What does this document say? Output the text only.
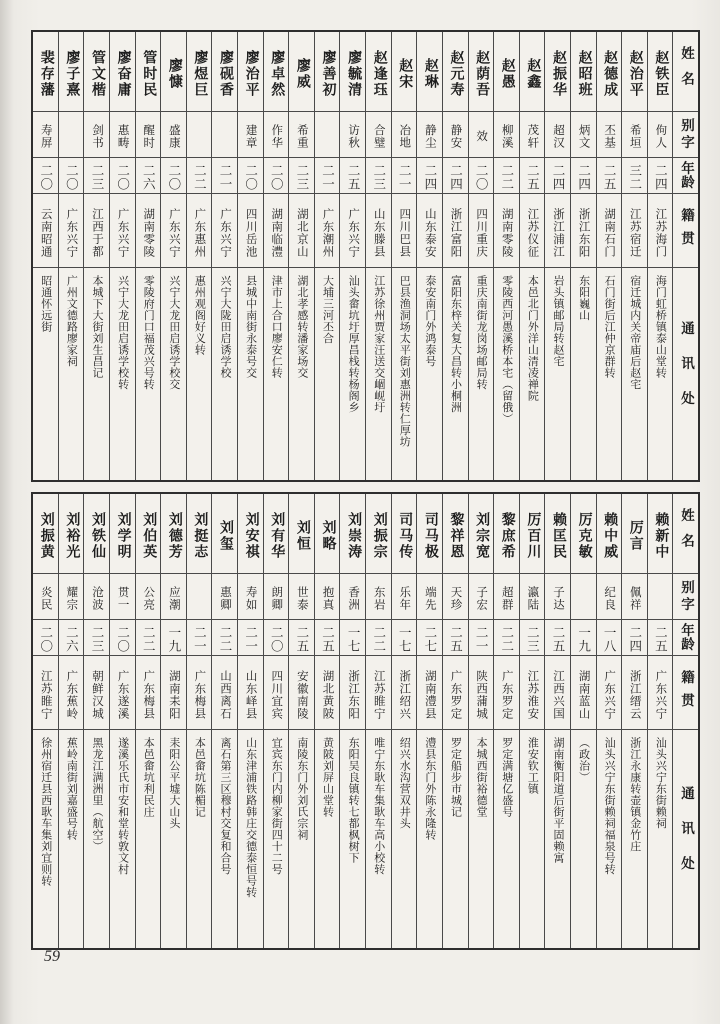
姓名
别字
年龄
籍贯
通讯处
赵铁臣
佝人
二四
江苏海门
海门虹桥镇泰山堂转
赵治平
希垣
三二
江苏宿迁
宿迁城内关帝庙后赵宅
赵德成
丕基
二五
湖南石门
石门街后江仲京群转
赵昭班
炳文
二四
浙江东阳
东阳巍山
赵振华
超汉
二四
浙江浦江
岩头镇邮局转赵宅
赵鑫
茂轩
二五
江苏仪征
本邑北门外洋山清凌禅院
赵愚
柳溪
二二
湖南零陵
零陵西河愚溪桥本宅（留俄）
赵荫吾
效
二〇
四川重庆
重庆南街龙岗场邮局转
赵元寿
静安
二四
浙江富阳
富阳东梓关复大昌转小桐洲
赵琳
静尘
二四
山东泰安
泰安南门外鸿泰号
赵宋
冶地
二一
四川巴县
巴县渔洞场太平街刘惠洲转仁厚坊
赵逢珏
合璧
二三
山东滕县
江苏徐州贾家汪送交崓岘圩
廖毓清
访秋
二五
广东兴宁
汕头畲坑圩厚昌栈转杨阁乡
廖善初
二一
广东潮州
大埔三河丕合
廖威
希重
二三
湖北京山
湖北孝感转潘家场交
廖卓然
作华
二〇
湖南临澧
津市上合口廖安仁转
廖治平
建章
二〇
四川岳池
县城中南街永泰号交
廖砚香
二一
广东兴宁
兴宁大陇田启诱学校
廖煜巨
二二
广东惠州
惠州观阁好义转
廖慷
盛康
二〇
广东兴宁
兴宁大龙田启诱学校交
管时民
醒时
二六
湖南零陵
零陵府门口福茂兴号转
廖奋庸
惠畴
二〇
广东兴宁
兴宁大龙田启诱学校转
管文楷
剑书
二三
江西于都
本城下大街刘生昌记
廖子熹
二〇
广东兴宁
广州文德路廖家祠
裴存藩
寿屏
二〇
云南昭通
昭通怀远街
姓名
别字
年龄
籍贯
通讯处
赖新中
二五
广东兴宁
汕头兴宁东街赖祠
厉言
佩祥
二四
浙江缙云
浙江永康转壶镇金竹庄
赖中威
纪良
一八
广东兴宁
汕头兴宁东街赖祠福泉号转
厉克敏
一九
湖南蓝山
（政治）
赖匡民
子达
二五
江西兴国
湖南衡阳道后街平固赖寓
厉百川
瀛陆
二三
江苏淮安
淮安钦工镇
黎庶希
超群
二二
广东罗定
罗定满塘亿盛号
刘宗宽
子宏
二一
陕西蒲城
本城西街裕德堂
黎祥恩
天珍
二五
广东罗定
罗定船步市城记
司马极
端先
二七
湖南澧县
澧县东门外陈永隆转
司马传
乐年
一七
浙江绍兴
绍兴水沟营双井头
刘振宗
东岩
二二
江苏睢宁
唯宁东耿车集耿车高小校转
刘崇涛
香洲
一七
浙江东阳
东阳吴良镇转七都枫树下
刘略
抱真
二五
湖北黄陂
黄陂刘屏山堂转
刘恒
世泰
二五
安徽南陵
南陵东门外刘氏宗祠
刘有华
朗卿
二〇
四川宜宾
宜宾东门内柳家街四十二号
刘安祺
寿如
二一
山东峄县
山东津浦铁路韩庄交德泰恒号转
刘玺
惠卿
二二
山西离石
离石第三区穆村交复和合号
刘挺志
二一
广东梅县
本邑畲坑陈楣记
刘德芳
应潮
一九
湖南耒阳
耒阳公平墟大山头
刘伯英
公亮
二二
广东梅县
本邑畲坑利民庄
刘学明
贯一
二〇
广东遂溪
遂溪乐氏市安和堂转敦文村
刘铁仙
沧波
二三
朝鲜汉城
黑龙江满洲里（航空）
刘裕光
耀宗
二六
广东蕉岭
蕉岭南街刘嘉盛号转
刘振黄
炎民
二〇
江苏睢宁
徐州宿迁县西耿车集刘宜则转
59
